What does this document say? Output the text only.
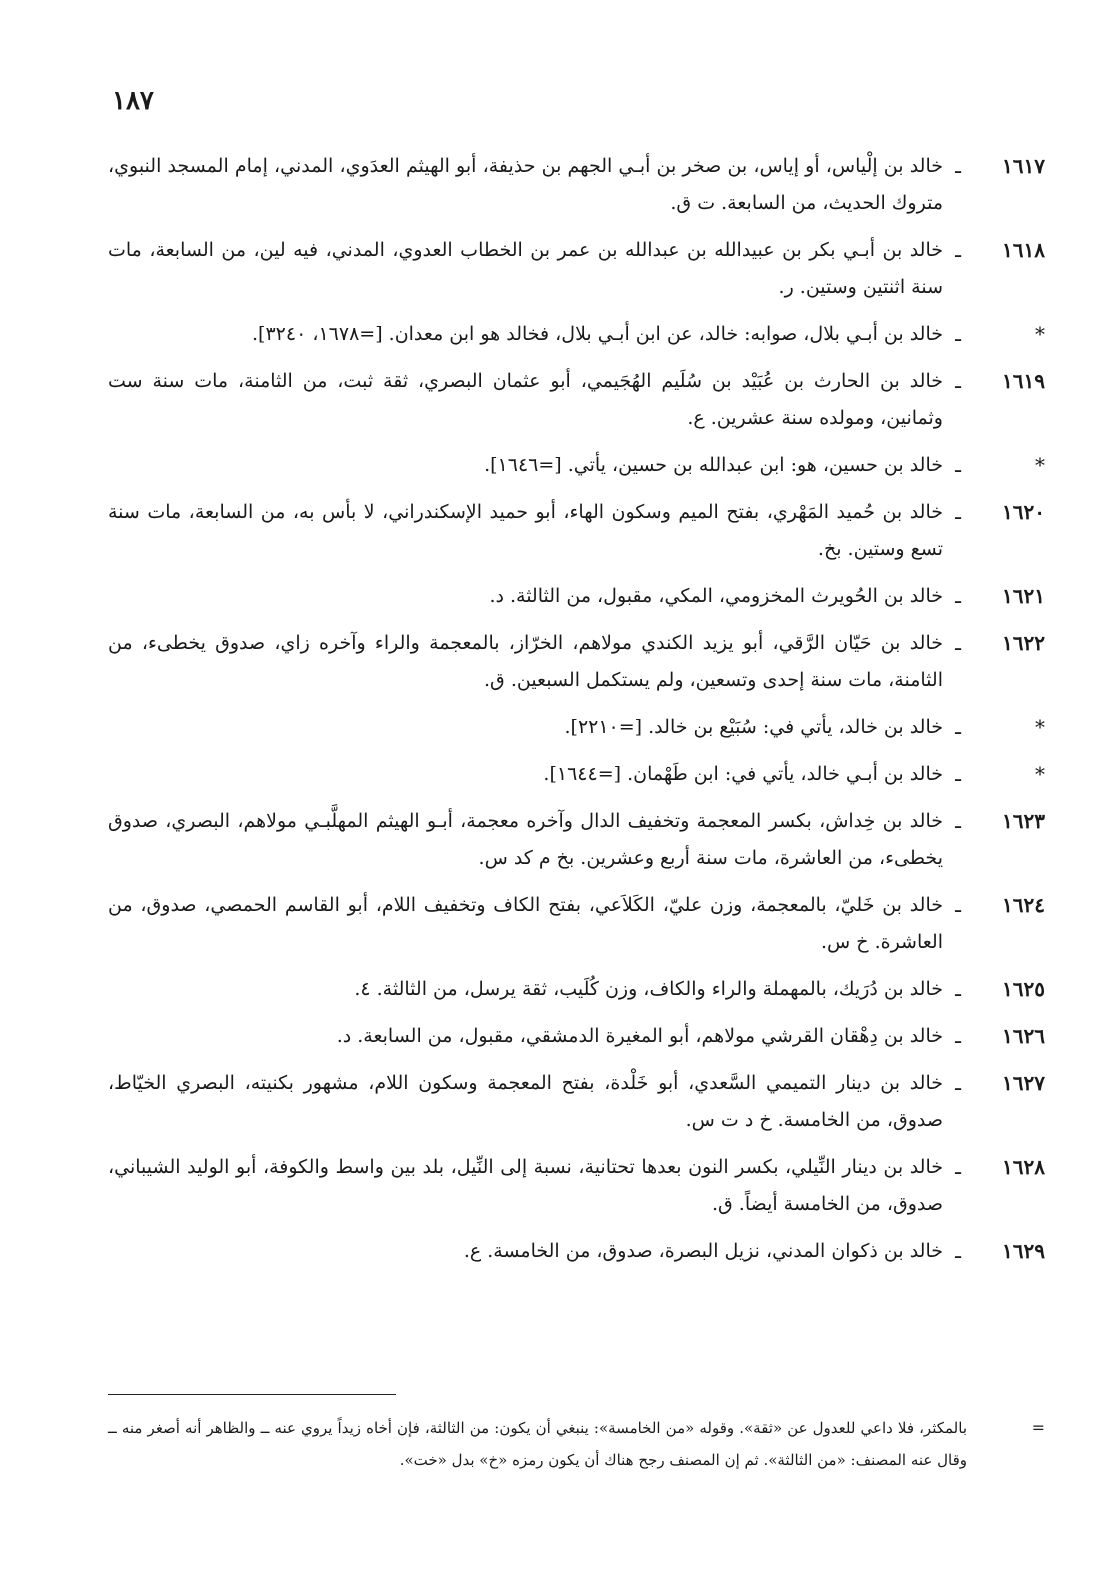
١٨٧
١٦١٧
ـ
خالد بن إلْياس، أو إياس، بن صخر بن أبـي الجهم بن حذيفة، أبو الهيثم العدَوي، المدني، إمام المسجد النبوي، متروك الحديث، من السابعة. ت ق.
١٦١٨
ـ
خالد بن أبـي بكر بن عبيدالله بن عبدالله بن عمر بن الخطاب العدوي، المدني، فيه لين، من السابعة، مات سنة اثنتين وستين. ر.
*
ـ
خالد بن أبـي بلال، صوابه: خالد، عن ابن أبـي بلال، فخالد هو ابن معدان. [=١٦٧٨، ٣٢٤٠].
١٦١٩
ـ
خالد بن الحارث بن عُبَيْد بن سُلَيم الهُجَيمي، أبو عثمان البصري، ثقة ثبت، من الثامنة، مات سنة ست وثمانين، ومولده سنة عشرين. ع.
*
ـ
خالد بن حسين، هو: ابن عبدالله بن حسين، يأتي. [=١٦٤٦].
١٦٢٠
ـ
خالد بن حُميد المَهْري، بفتح الميم وسكون الهاء، أبو حميد الإسكندراني، لا بأس به، من السابعة، مات سنة تسع وستين. بخ.
١٦٢١
ـ
خالد بن الحُويرث المخزومي، المكي، مقبول، من الثالثة. د.
١٦٢٢
ـ
خالد بن حَيّان الرَّقي، أبو يزيد الكندي مولاهم، الخرّاز، بالمعجمة والراء وآخره زاي، صدوق يخطىء، من الثامنة، مات سنة إحدى وتسعين، ولم يستكمل السبعين. ق.
*
ـ
خالد بن خالد، يأتي في: سُبَيْع بن خالد. [=٢٢١٠].
*
ـ
خالد بن أبـي خالد، يأتي في: ابن طَهْمان. [=١٦٤٤].
١٦٢٣
ـ
خالد بن خِداش، بكسر المعجمة وتخفيف الدال وآخره معجمة، أبـو الهيثم المهلَّبـي مولاهم، البصري، صدوق يخطىء، من العاشرة، مات سنة أربع وعشرين. بخ م كد س.
١٦٢٤
ـ
خالد بن خَليّ، بالمعجمة، وزن عليّ، الكَلاَعي، بفتح الكاف وتخفيف اللام، أبو القاسم الحمصي، صدوق، من العاشرة. خ س.
١٦٢٥
ـ
خالد بن دُرَيك، بالمهملة والراء والكاف، وزن كُلَيب، ثقة يرسل، من الثالثة. ٤.
١٦٢٦
ـ
خالد بن دِهْقان القرشي مولاهم، أبو المغيرة الدمشقي، مقبول، من السابعة. د.
١٦٢٧
ـ
خالد بن دينار التميمي السَّعدي، أبو خَلْدة، بفتح المعجمة وسكون اللام، مشهور بكنيته، البصري الخيّاط، صدوق، من الخامسة. خ د ت س.
١٦٢٨
ـ
خالد بن دينار النِّيلي، بكسر النون بعدها تحتانية، نسبة إلى النِّيل، بلد بين واسط والكوفة، أبو الوليد الشيباني، صدوق، من الخامسة أيضاً. ق.
١٦٢٩
ـ
خالد بن ذكوان المدني، نزيل البصرة، صدوق، من الخامسة. ع.
=
بالمكثر، فلا داعي للعدول عن «ثقة». وقوله «من الخامسة»: ينبغي أن يكون: من الثالثة، فإن أخاه زيداً يروي عنه ــ والظاهر أنه أصغر منه ــ وقال عنه المصنف: «من الثالثة». ثم إن المصنف رجح هناك أن يكون رمزه «خ» بدل «خت».
